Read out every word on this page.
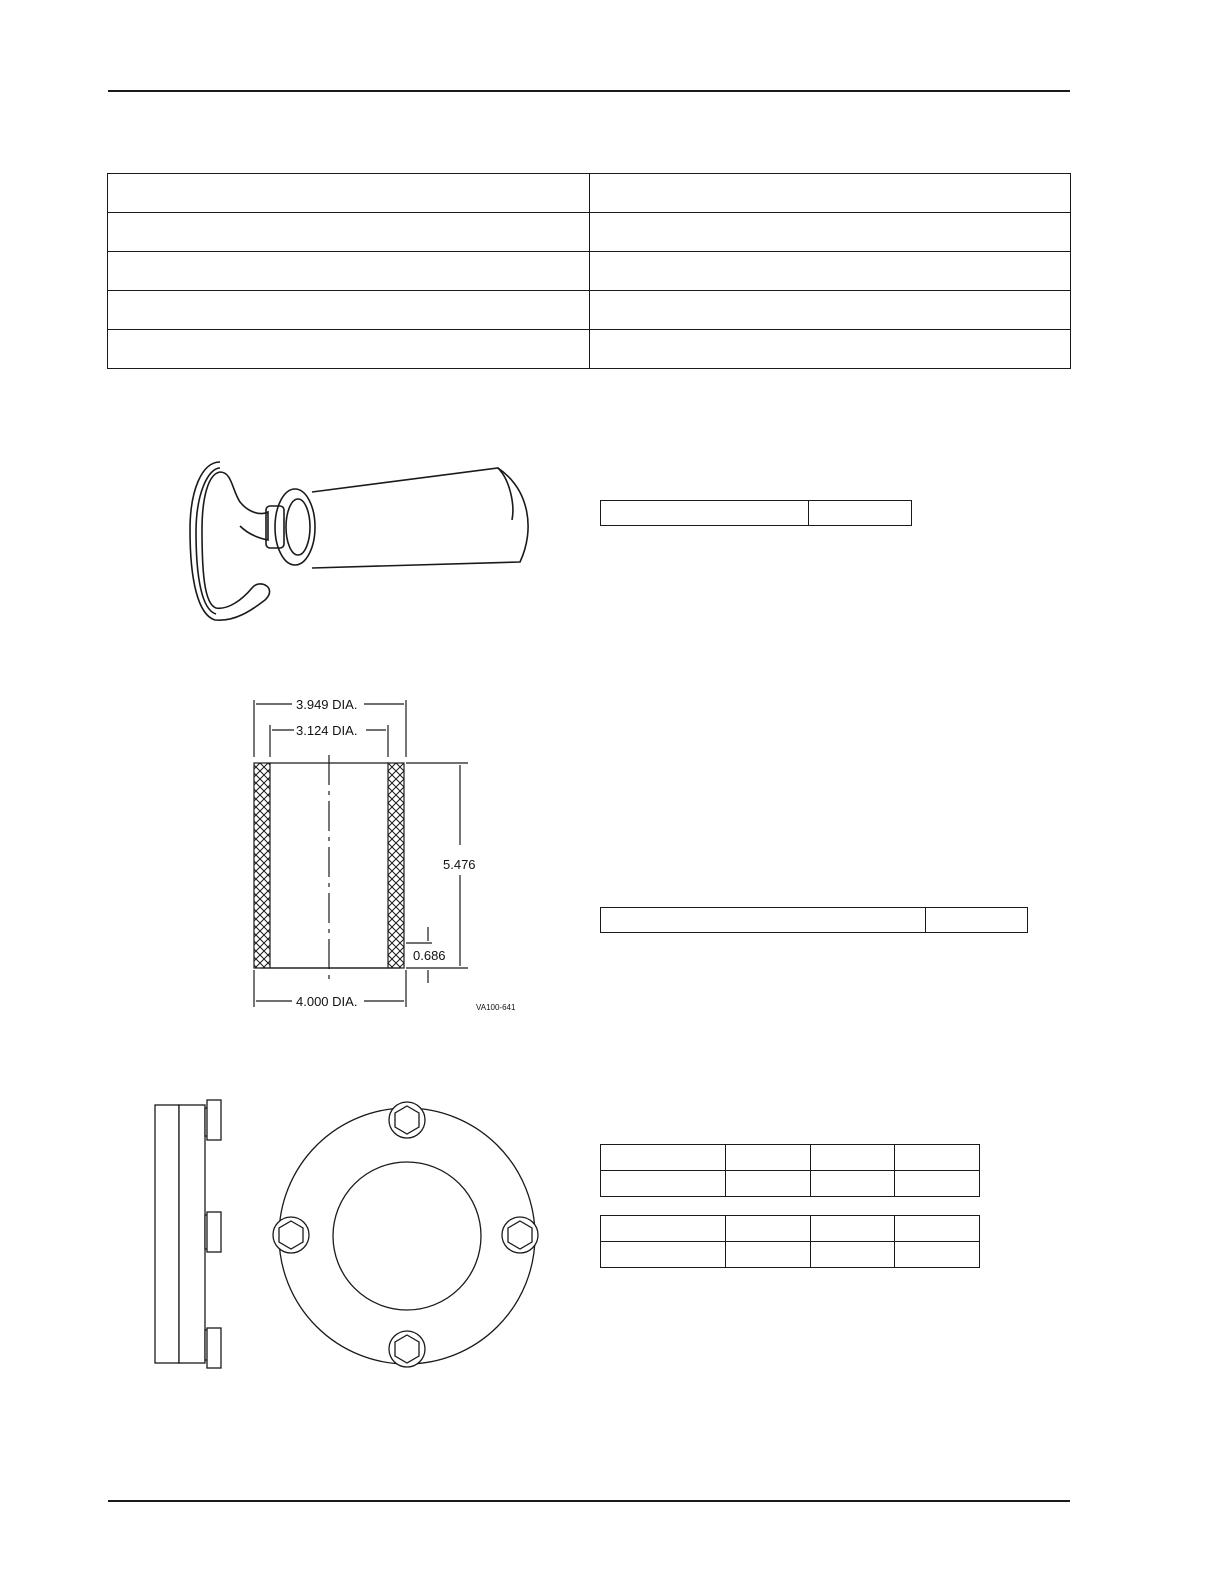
3.949 DIA.
3.124 DIA.
5.476
0.686
4.000 DIA.	VA100-641
